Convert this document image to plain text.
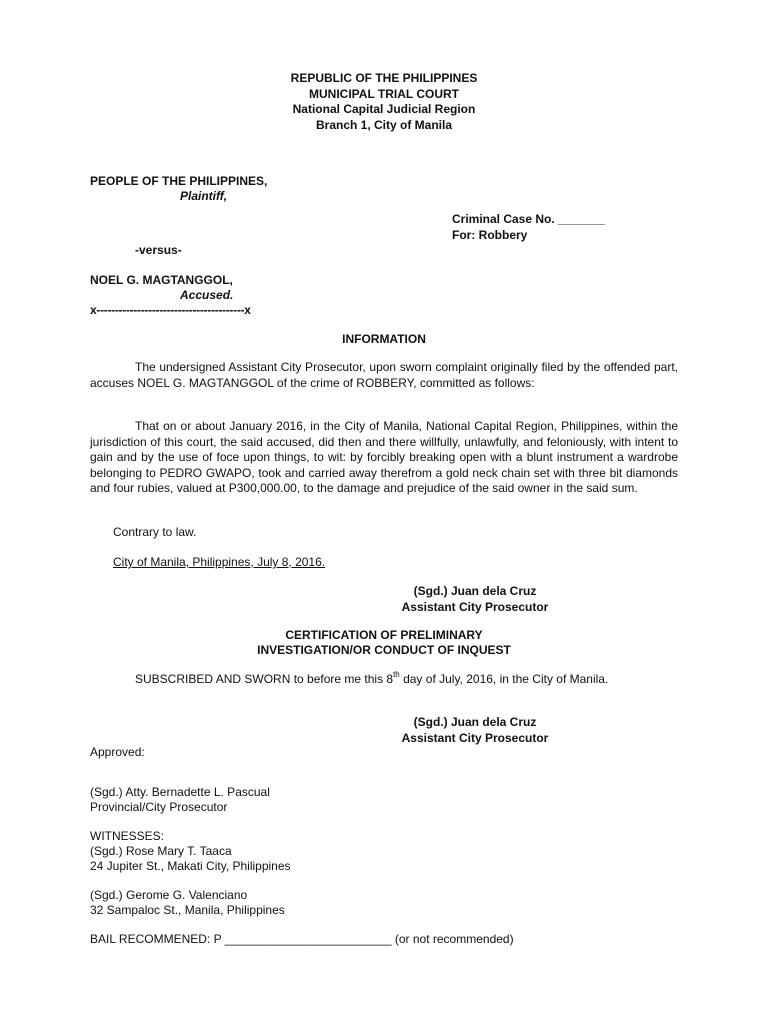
REPUBLIC OF THE PHILIPPINES
MUNICIPAL TRIAL COURT
National Capital Judicial Region
Branch 1, City of Manila
PEOPLE OF THE PHILIPPINES,
Plaintiff,
Criminal Case No. _______
For: Robbery
-versus-
NOEL G. MAGTANGGOL,
Accused.
x----------------------------------------x
INFORMATION
The undersigned Assistant City Prosecutor, upon sworn complaint originally filed by the offended part, accuses NOEL G. MAGTANGGOL of the crime of ROBBERY, committed as follows:
That on or about January 2016, in the City of Manila, National Capital Region, Philippines, within the jurisdiction of this court, the said accused, did then and there willfully, unlawfully, and feloniously, with intent to gain and by the use of foce upon things, to wit: by forcibly breaking open with a blunt instrument a wardrobe belonging to PEDRO GWAPO, took and carried away therefrom a gold neck chain set with three bit diamonds and four rubies, valued at P300,000.00, to the damage and prejudice of the said owner in the said sum.
Contrary to law.
City of Manila, Philippines, July 8, 2016.
(Sgd.) Juan dela Cruz
Assistant City Prosecutor
CERTIFICATION OF PRELIMINARY
INVESTIGATION/OR CONDUCT OF INQUEST
SUBSCRIBED AND SWORN to before me this 8th day of July, 2016, in the City of Manila.
(Sgd.) Juan dela Cruz
Assistant City Prosecutor
Approved:
(Sgd.) Atty. Bernadette L. Pascual
Provincial/City Prosecutor
WITNESSES:
(Sgd.) Rose Mary T. Taaca
24 Jupiter St., Makati City, Philippines
(Sgd.) Gerome G. Valenciano
32 Sampaloc St., Manila, Philippines
BAIL RECOMMENED: P _________________________ (or not recommended)
